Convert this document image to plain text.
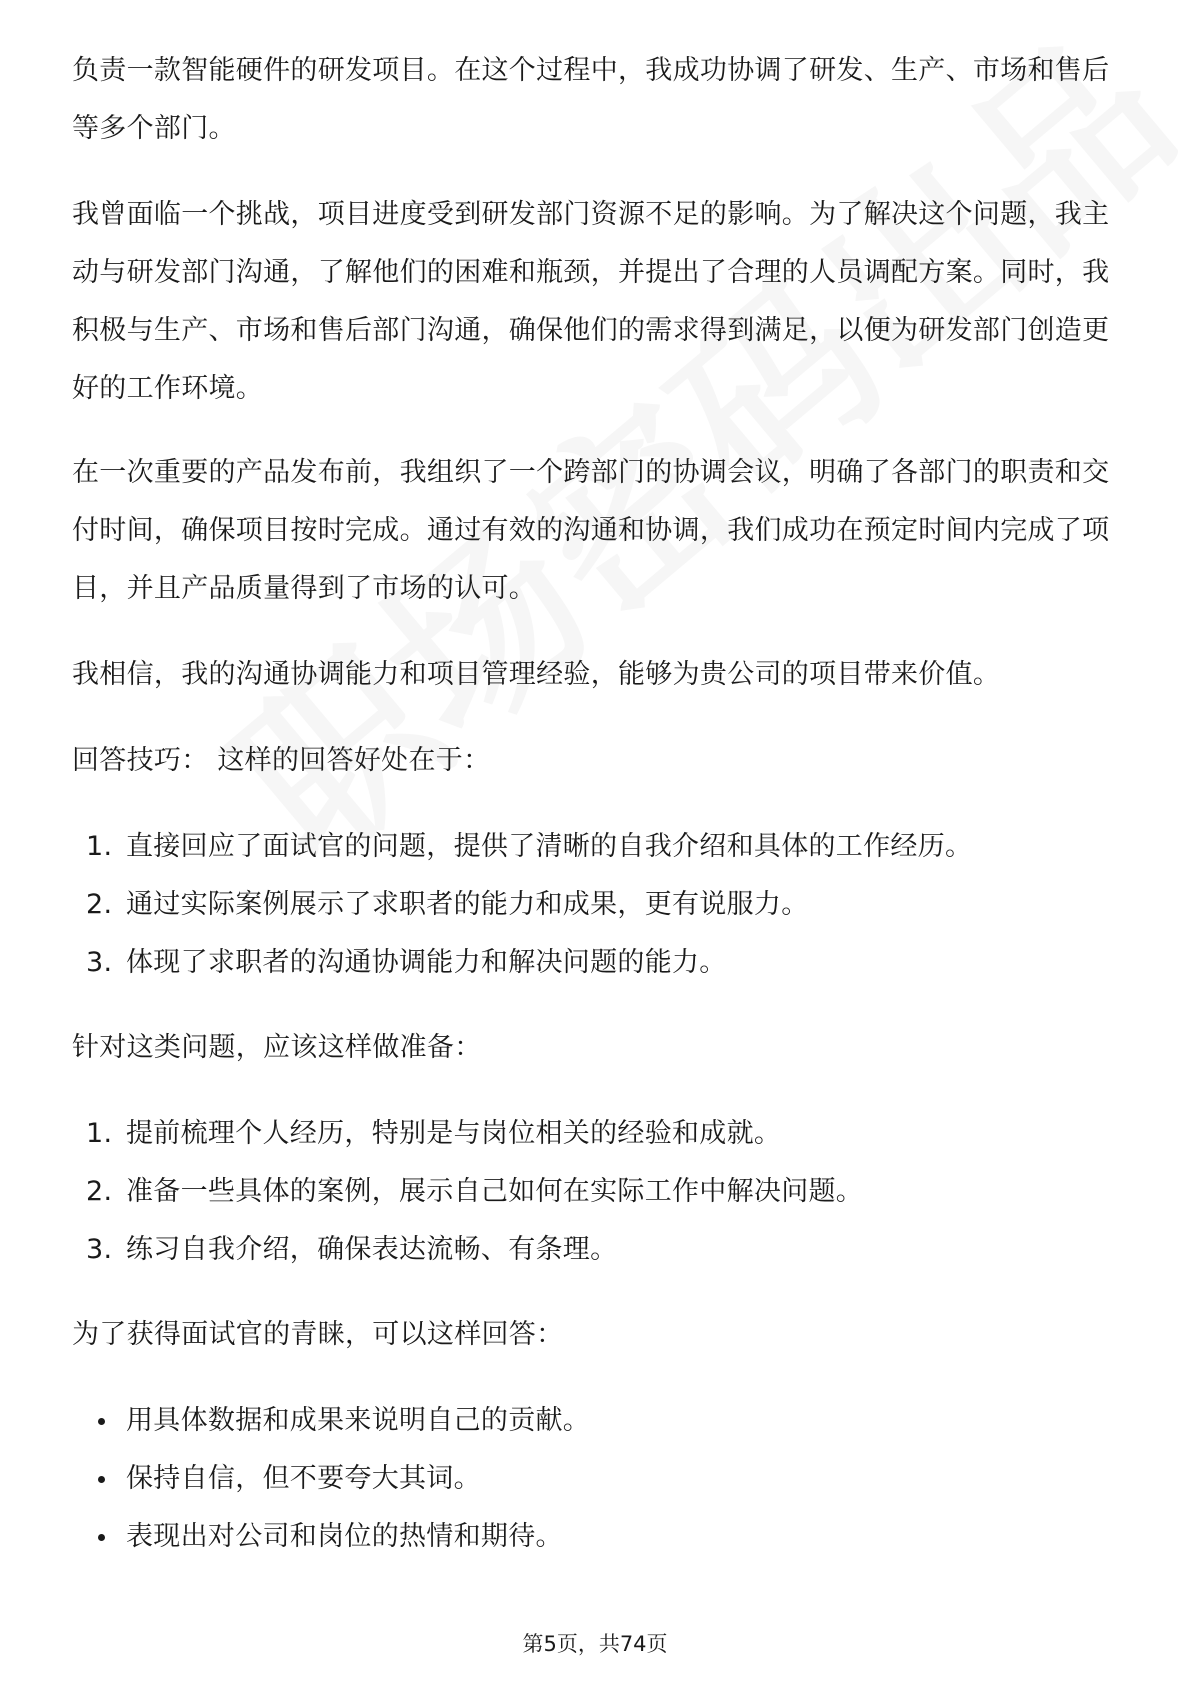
负责一款智能硬件的研发项目。在这个过程中，我成功协调了研发、生产、市场和售后等多个部门。

我曾面临一个挑战，项目进度受到研发部门资源不足的影响。为了解决这个问题，我主动与研发部门沟通，了解他们的困难和瓶颈，并提出了合理的人员调配方案。同时，我积极与生产、市场和售后部门沟通，确保他们的需求得到满足，以便为研发部门创造更好的工作环境。

在一次重要的产品发布前，我组织了一个跨部门的协调会议，明确了各部门的职责和交付时间，确保项目按时完成。通过有效的沟通和协调，我们成功在预定时间内完成了项目，并且产品质量得到了市场的认可。

我相信，我的沟通协调能力和项目管理经验，能够为贵公司的项目带来价值。

回答技巧： 这样的回答好处在于：

1. 直接回应了面试官的问题，提供了清晰的自我介绍和具体的工作经历。
2. 通过实际案例展示了求职者的能力和成果，更有说服力。
3. 体现了求职者的沟通协调能力和解决问题的能力。

针对这类问题，应该这样做准备：

1. 提前梳理个人经历，特别是与岗位相关的经验和成就。
2. 准备一些具体的案例，展示自己如何在实际工作中解决问题。
3. 练习自我介绍，确保表达流畅、有条理。

为了获得面试官的青睐，可以这样回答：

用具体数据和成果来说明自己的贡献。
保持自信，但不要夸大其词。
表现出对公司和岗位的热情和期待。
第5页，共74页
